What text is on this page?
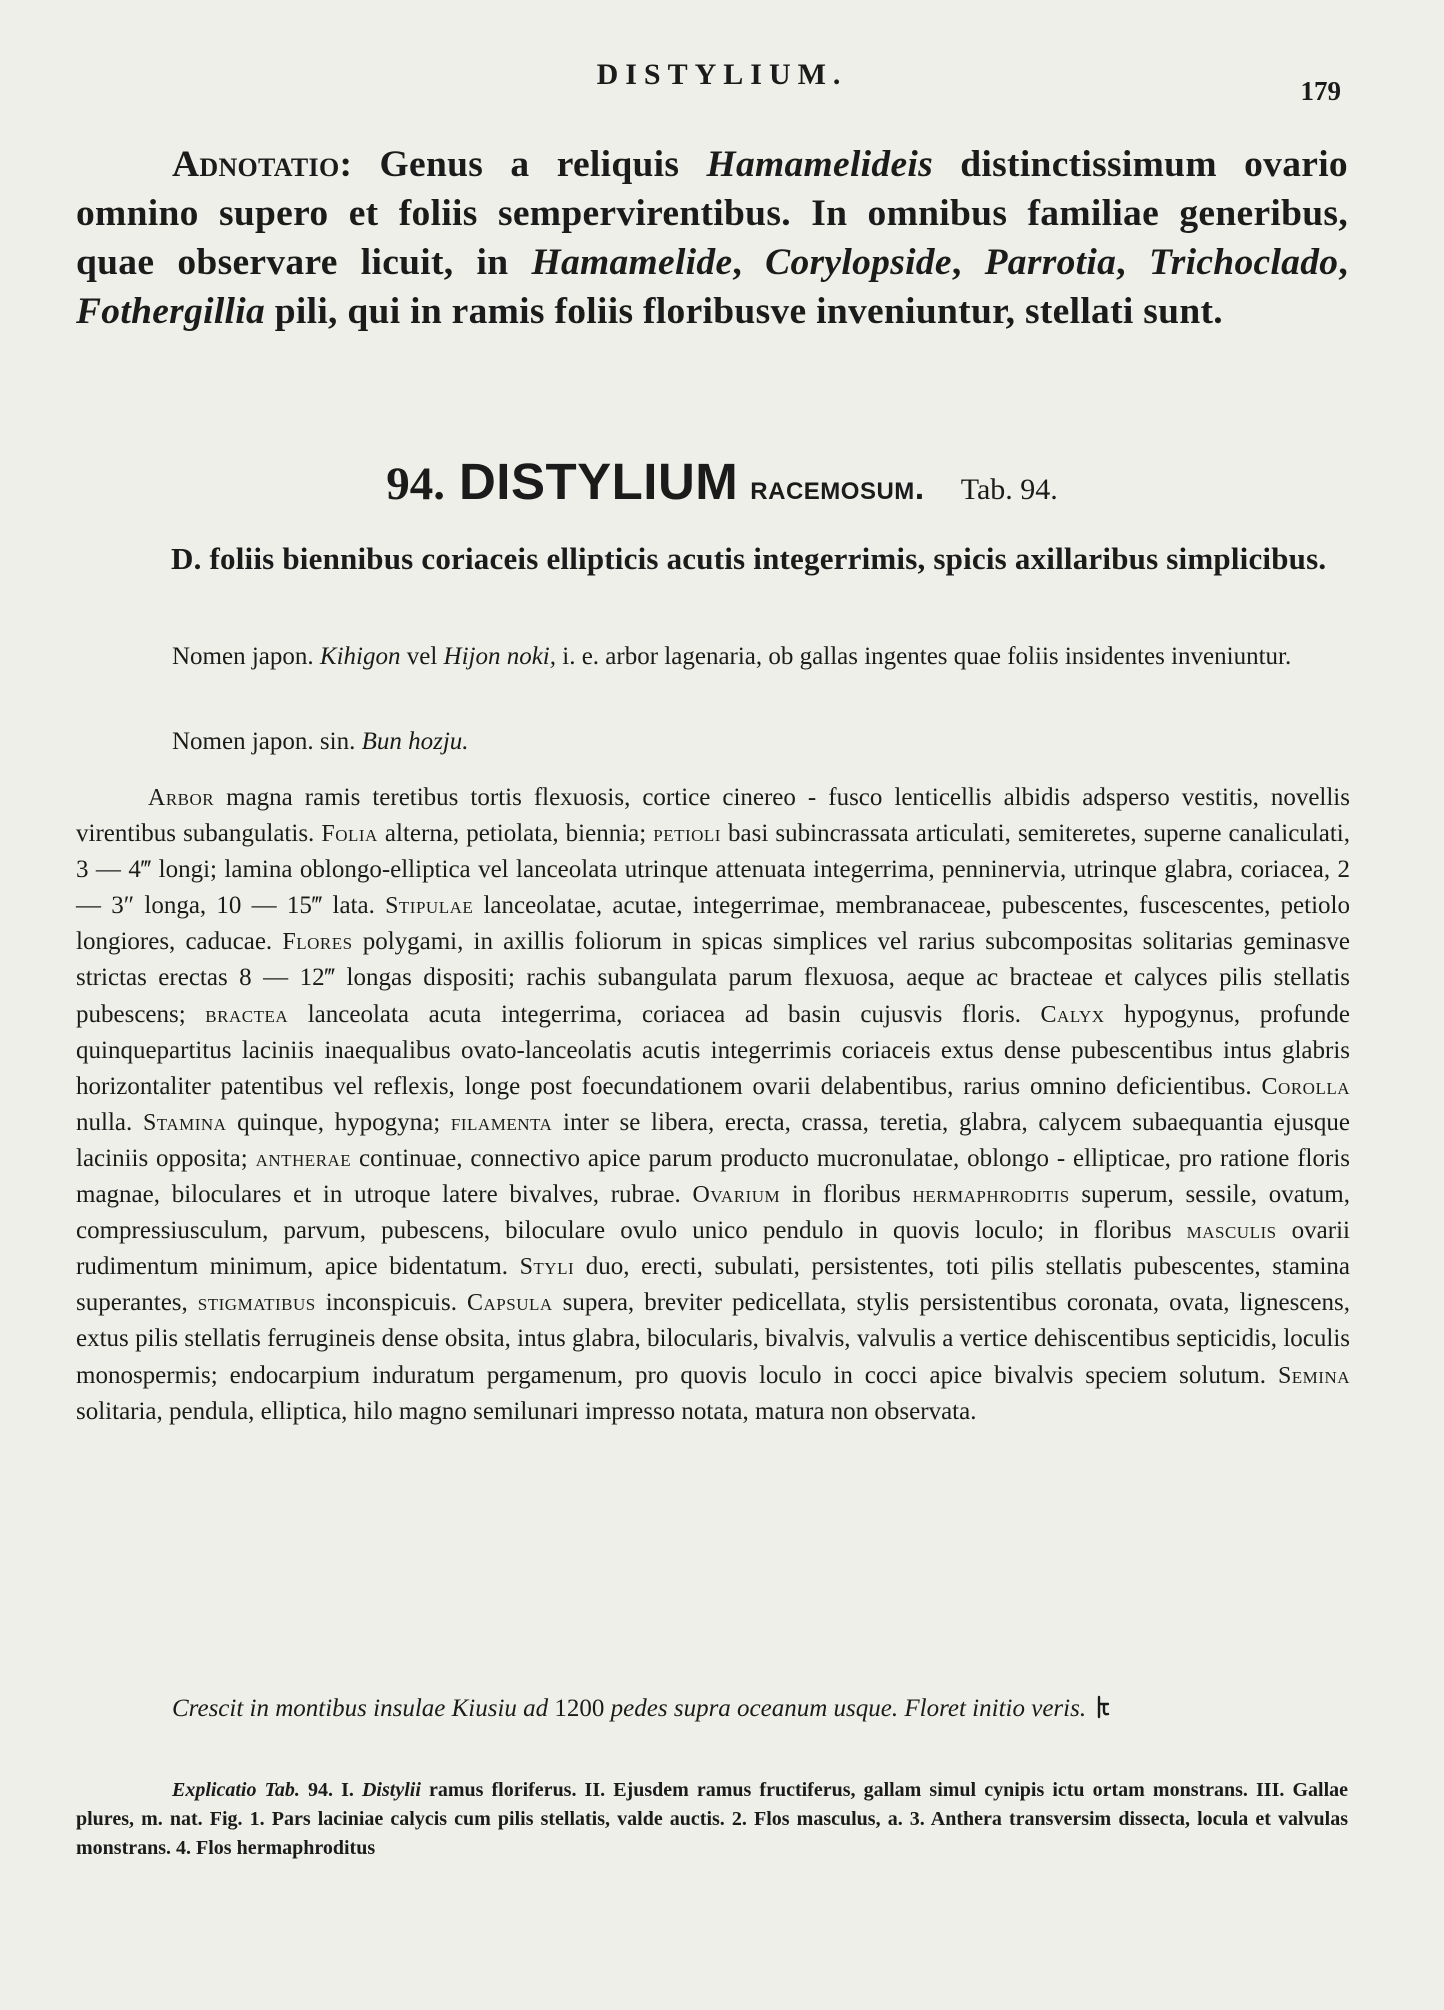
DISTYLIUM.	179
Adnotatio: Genus a reliquis Hamamelideis distinctissimum ovario omnino supero et foliis sempervirentibus. In omnibus familiae generibus, quae observare licuit, in Hamamelide, Corylopside, Parrotia, Trichoclado, Fothergillia pili, qui in ramis foliis floribusve inveniuntur, stellati sunt.
94. DISTYLIUM racemosum. Tab. 94.
D. foliis biennibus coriaceis ellipticis acutis integerrimis, spicis axillaribus simplicibus.
Nomen japon. Kihigon vel Hijon noki, i. e. arbor lagenaria, ob gallas ingentes quae foliis insidentes inveniuntur.
Nomen japon. sin. Bun hozju.
Arbor magna ramis teretibus tortis flexuosis, cortice cinereo - fusco lenticellis albidis adsperso vestitis, novellis virentibus subangulatis. Folia alterna, petiolata, biennia; petioli basi subincrassata articulati, semiteretes, superne canaliculati, 3 — 4‴ longi; lamina oblongo-elliptica vel lanceolata utrinque attenuata integerrima, penninervia, utrinque glabra, coriacea, 2 — 3″ longa, 10 — 15‴ lata. Stipulae lanceolatae, acutae, integerrimae, membranaceae, pubescentes, fuscescentes, petiolo longiores, caducae. Flores polygami, in axillis foliorum in spicas simplices vel rarius subcompositas solitarias geminasve strictas erectas 8 — 12‴ longas dispositi; rachis subangulata parum flexuosa, aeque ac bracteae et calyces pilis stellatis pubescens; bractea lanceolata acuta integerrima, coriacea ad basin cujusvis floris. Calyx hypogynus, profunde quinquepartitus laciniis inaequalibus ovato-lanceolatis acutis integerrimis coriaceis extus dense pubescentibus intus glabris horizontaliter patentibus vel reflexis, longe post foecundationem ovarii delabentibus, rarius omnino deficientibus. Corolla nulla. Stamina quinque, hypogyna; filamenta inter se libera, erecta, crassa, teretia, glabra, calycem subaequantia ejusque laciniis opposita; antherae continuae, connectivo apice parum producto mucronulatae, oblongo - ellipticae, pro ratione floris magnae, biloculares et in utroque latere bivalves, rubrae. Ovarium in floribus hermaphroditis superum, sessile, ovatum, compressiusculum, parvum, pubescens, biloculare ovulo unico pendulo in quovis loculo; in floribus masculis ovarii rudimentum minimum, apice bidentatum. Styli duo, erecti, subulati, persistentes, toti pilis stellatis pubescentes, stamina superantes, stigmatibus inconspicuis. Capsula supera, breviter pedicellata, stylis persistentibus coronata, ovata, lignescens, extus pilis stellatis ferrugineis dense obsita, intus glabra, bilocularis, bivalvis, valvulis a vertice dehiscentibus septicidis, loculis monospermis; endocarpium induratum pergamenum, pro quovis loculo in cocci apice bivalvis speciem solutum. Semina solitaria, pendula, elliptica, hilo magno semilunari impresso notata, matura non observata.
Crescit in montibus insulae Kiusiu ad 1200 pedes supra oceanum usque. Floret initio veris.
Explicatio Tab. 94. I. Distylii ramus floriferus. II. Ejusdem ramus fructiferus, gallam simul cynipis ictu ortam monstrans. III. Gallae plures, m. nat. Fig. 1. Pars laciniae calycis cum pilis stellatis, valde auctis. 2. Flos masculus, a. 3. Anthera transversim dissecta, locula et valvulas monstrans. 4. Flos hermaphroditus
